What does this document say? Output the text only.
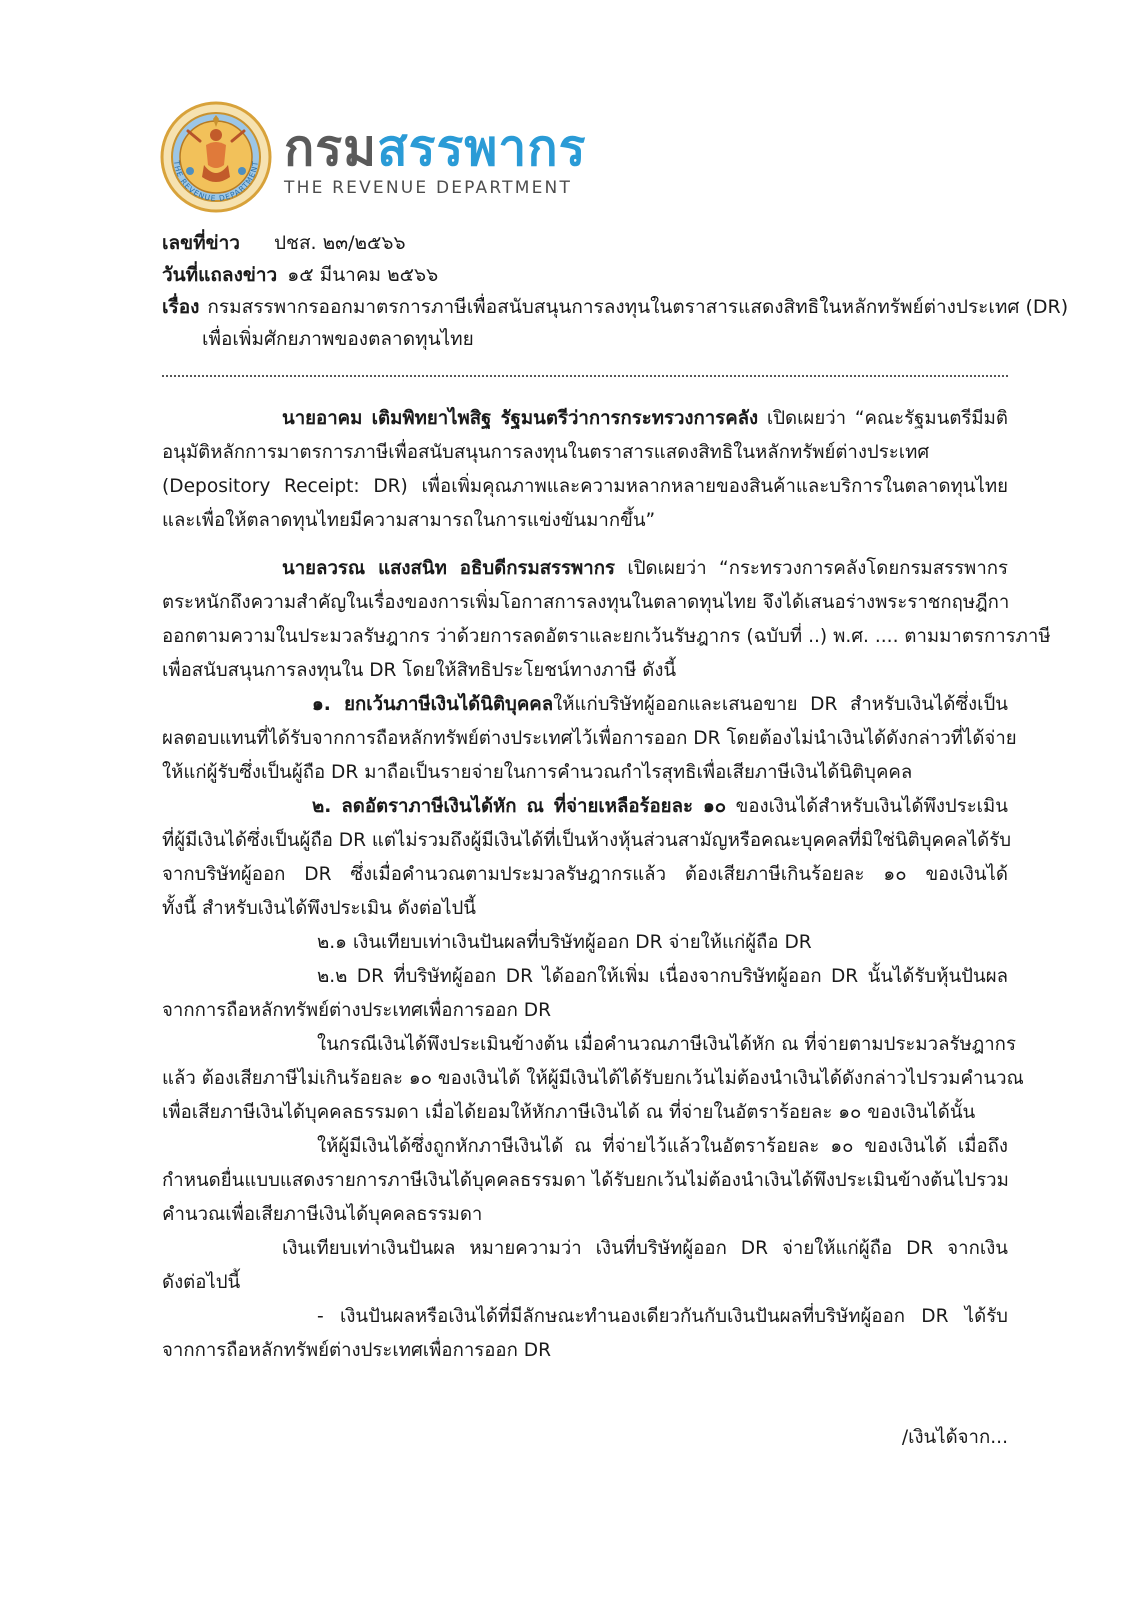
THE REVENUE DEPARTMENT กรมสรรพากร
THE REVENUE DEPARTMENT
เลขที่ข่าว ปชส. ๒๓/๒๕๖๖
วันที่แถลงข่าว ๑๕ มีนาคม ๒๕๖๖
เรื่อง กรมสรรพากรออกมาตรการภาษีเพื่อสนับสนุนการลงทุนในตราสารแสดงสิทธิในหลักทรัพย์ต่างประเทศ (DR)
เพื่อเพิ่มศักยภาพของตลาดทุนไทย
นายอาคม เติมพิทยาไพสิฐ รัฐมนตรีว่าการกระทรวงการคลัง เปิดเผยว่า “คณะรัฐมนตรีมีมติ
อนุมัติหลักการมาตรการภาษีเพื่อสนับสนุนการลงทุนในตราสารแสดงสิทธิในหลักทรัพย์ต่างประเทศ
(Depository Receipt: DR) เพื่อเพิ่มคุณภาพและความหลากหลายของสินค้าและบริการในตลาดทุนไทย
และเพื่อให้ตลาดทุนไทยมีความสามารถในการแข่งขันมากขึ้น”
นายลวรณ แสงสนิท อธิบดีกรมสรรพากร เปิดเผยว่า “กระทรวงการคลังโดยกรมสรรพากร
ตระหนักถึงความสำคัญในเรื่องของการเพิ่มโอกาสการลงทุนในตลาดทุนไทย จึงได้เสนอร่างพระราชกฤษฎีกา
ออกตามความในประมวลรัษฎากร ว่าด้วยการลดอัตราและยกเว้นรัษฎากร (ฉบับที่ ..) พ.ศ. .... ตามมาตรการภาษี
เพื่อสนับสนุนการลงทุนใน DR โดยให้สิทธิประโยชน์ทางภาษี ดังนี้
๑. ยกเว้นภาษีเงินได้นิติบุคคลให้แก่บริษัทผู้ออกและเสนอขาย DR สำหรับเงินได้ซึ่งเป็น
ผลตอบแทนที่ได้รับจากการถือหลักทรัพย์ต่างประเทศไว้เพื่อการออก DR โดยต้องไม่นำเงินได้ดังกล่าวที่ได้จ่าย
ให้แก่ผู้รับซึ่งเป็นผู้ถือ DR มาถือเป็นรายจ่ายในการคำนวณกำไรสุทธิเพื่อเสียภาษีเงินได้นิติบุคคล
๒. ลดอัตราภาษีเงินได้หัก ณ ที่จ่ายเหลือร้อยละ ๑๐ ของเงินได้สำหรับเงินได้พึงประเมิน
ที่ผู้มีเงินได้ซึ่งเป็นผู้ถือ DR แต่ไม่รวมถึงผู้มีเงินได้ที่เป็นห้างหุ้นส่วนสามัญหรือคณะบุคคลที่มิใช่นิติบุคคลได้รับ
จากบริษัทผู้ออก DR ซึ่งเมื่อคำนวณตามประมวลรัษฎากรแล้ว ต้องเสียภาษีเกินร้อยละ ๑๐ ของเงินได้
ทั้งนี้ สำหรับเงินได้พึงประเมิน ดังต่อไปนี้
๒.๑ เงินเทียบเท่าเงินปันผลที่บริษัทผู้ออก DR จ่ายให้แก่ผู้ถือ DR
๒.๒ DR ที่บริษัทผู้ออก DR ได้ออกให้เพิ่ม เนื่องจากบริษัทผู้ออก DR นั้นได้รับหุ้นปันผล
จากการถือหลักทรัพย์ต่างประเทศเพื่อการออก DR
ในกรณีเงินได้พึงประเมินข้างต้น เมื่อคำนวณภาษีเงินได้หัก ณ ที่จ่ายตามประมวลรัษฎากร
แล้ว ต้องเสียภาษีไม่เกินร้อยละ ๑๐ ของเงินได้ ให้ผู้มีเงินได้ได้รับยกเว้นไม่ต้องนำเงินได้ดังกล่าวไปรวมคำนวณ
เพื่อเสียภาษีเงินได้บุคคลธรรมดา เมื่อได้ยอมให้หักภาษีเงินได้ ณ ที่จ่ายในอัตราร้อยละ ๑๐ ของเงินได้นั้น
ให้ผู้มีเงินได้ซึ่งถูกหักภาษีเงินได้ ณ ที่จ่ายไว้แล้วในอัตราร้อยละ ๑๐ ของเงินได้ เมื่อถึง
กำหนดยื่นแบบแสดงรายการภาษีเงินได้บุคคลธรรมดา ได้รับยกเว้นไม่ต้องนำเงินได้พึงประเมินข้างต้นไปรวม
คำนวณเพื่อเสียภาษีเงินได้บุคคลธรรมดา
เงินเทียบเท่าเงินปันผล หมายความว่า เงินที่บริษัทผู้ออก DR จ่ายให้แก่ผู้ถือ DR จากเงิน
ดังต่อไปนี้
- เงินปันผลหรือเงินได้ที่มีลักษณะทำนองเดียวกันกับเงินปันผลที่บริษัทผู้ออก DR ได้รับ
จากการถือหลักทรัพย์ต่างประเทศเพื่อการออก DR
/เงินได้จาก...
